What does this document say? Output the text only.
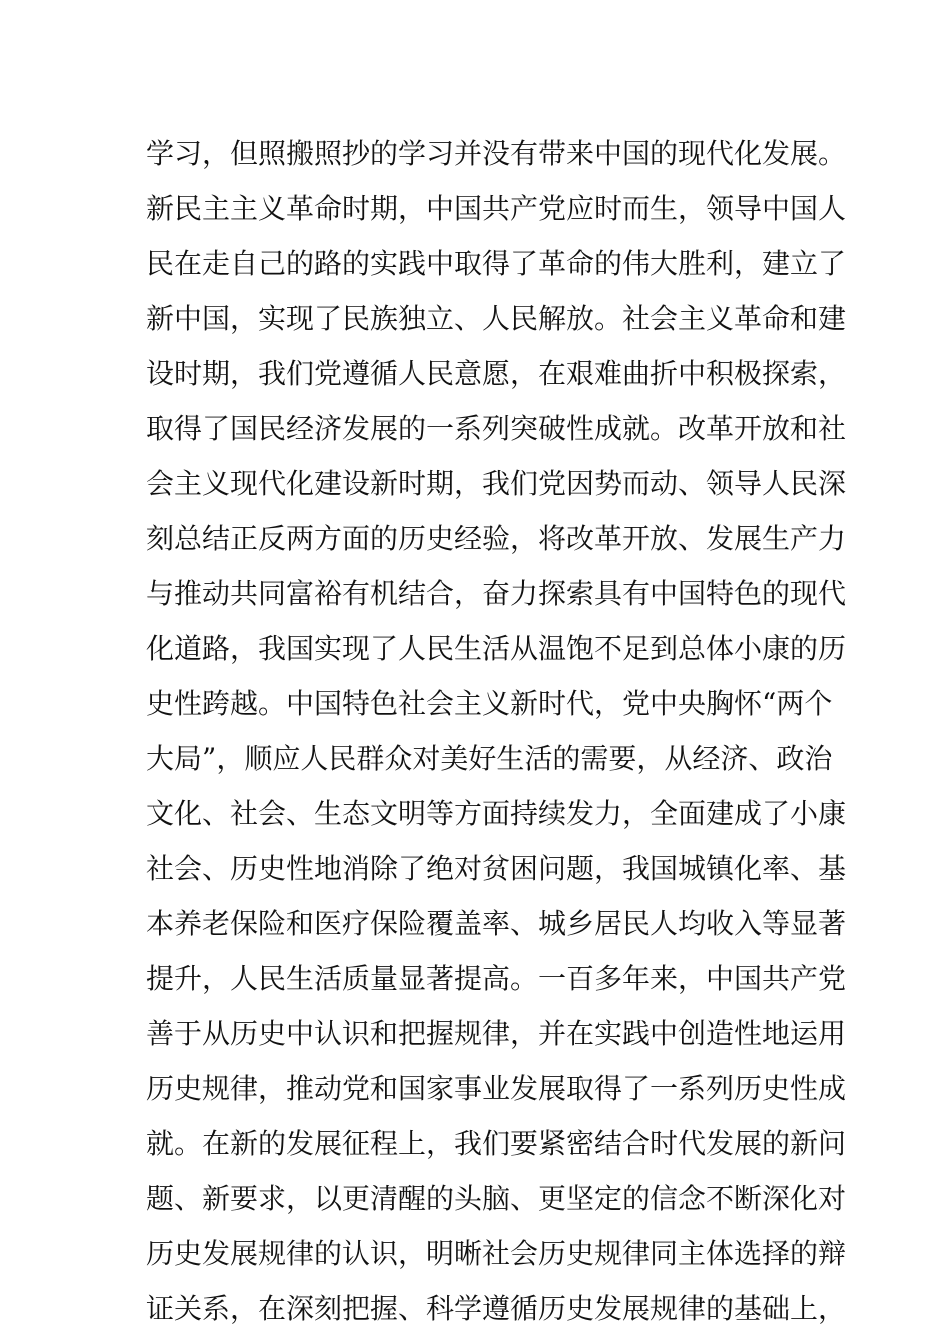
学习，但照搬照抄的学习并没有带来中国的现代化发展。
新民主主义革命时期，中国共产党应时而生，领导中国人
民在走自己的路的实践中取得了革命的伟大胜利，建立了
新中国，实现了民族独立、人民解放。社会主义革命和建
设时期，我们党遵循人民意愿，在艰难曲折中积极探索，
取得了国民经济发展的一系列突破性成就。改革开放和社
会主义现代化建设新时期，我们党因势而动、领导人民深
刻总结正反两方面的历史经验，将改革开放、发展生产力
与推动共同富裕有机结合，奋力探索具有中国特色的现代
化道路，我国实现了人民生活从温饱不足到总体小康的历
史性跨越。中国特色社会主义新时代，党中央胸怀“两个
大局”，顺应人民群众对美好生活的需要，从经济、政治
文化、社会、生态文明等方面持续发力，全面建成了小康
社会、历史性地消除了绝对贫困问题，我国城镇化率、基
本养老保险和医疗保险覆盖率、城乡居民人均收入等显著
提升，人民生活质量显著提高。一百多年来，中国共产党
善于从历史中认识和把握规律，并在实践中创造性地运用
历史规律，推动党和国家事业发展取得了一系列历史性成
就。在新的发展征程上，我们要紧密结合时代发展的新问
题、新要求，以更清醒的头脑、更坚定的信念不断深化对
历史发展规律的认识，明晰社会历史规律同主体选择的辩
证关系，在深刻把握、科学遵循历史发展规律的基础上，
